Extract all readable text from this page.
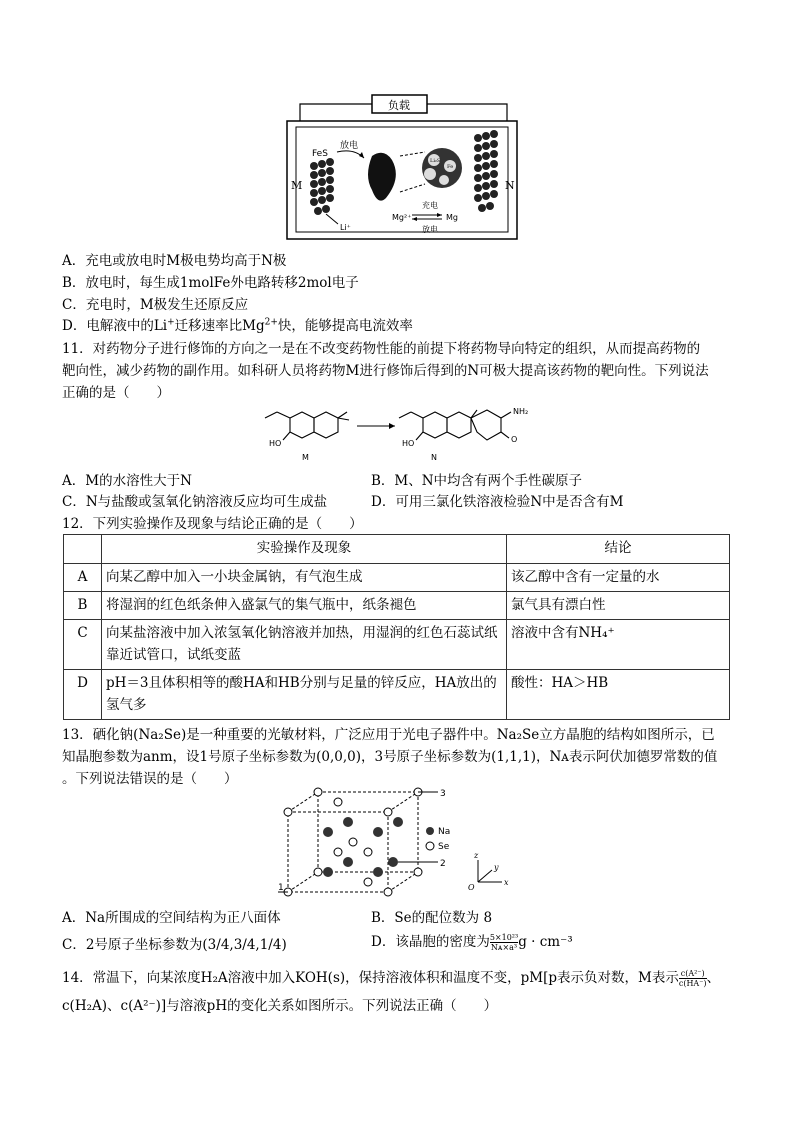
负载
M	N
FeS
放电
Li₂S
Fe
充电
Mg²⁺	Mg
放电
Li⁺
A．充电或放电时M极电势均高于N极
B．放电时，每生成1molFe外电路转移2mol电子
C．充电时，M极发生还原反应
D．电解液中的Li+迁移速率比$Mg^{2+}$快，能够提高电流效率
11．对药物分子进行修饰的方向之一是在不改变药物性能的前提下将药物导向特定的组织，从而提高药物的
靶向性，减少药物的副作用。如科研人员将药物M进行修饰后得到的N可极大提高该药物的靶向性。下列说法
正确的是（　　）
HO	HO
NH₂
O
M	N
A．M的水溶性大于N	B．M、N中均含有两个手性碳原子
C．N与盐酸或氢氧化钠溶液反应均可生成盐	D．可用三氯化铁溶液检验N中是否含有M
12．下列实验操作及现象与结论正确的是（　　）
	实验操作及现象	结论
A	向某乙醇中加入一小块金属钠，有气泡生成	该乙醇中含有一定量的水
B	将湿润的红色纸条伸入盛氯气的集气瓶中，纸条褪色	氯气具有漂白性
C	向某盐溶液中加入浓氢氧化钠溶液并加热，用湿润的红色石蕊试纸靠近试管口，试纸变蓝	溶液中含有NH₄⁺
D	pH＝3且体积相等的酸HA和HB分别与足量的锌反应，HA放出的氢气多	酸性：HA＞HB
13．硒化钠(Na₂Se)是一种重要的光敏材料，广泛应用于光电子器件中。Na₂Se立方晶胞的结构如图所示，已
知晶胞参数为anm，设1号原子坐标参数为(0,0,0)，3号原子坐标参数为(1,1,1)，Nᴀ表示阿伏加德罗常数的值
。下列说法错误的是（　　）
3
2
1
Na
Se
z
y
x
O
A．Na所围成的空间结构为正八面体	B．Se的配位数为 8
C．2号原子坐标参数为(3/4,3/4,1/4)	D．该晶胞的密度为 $\frac{\text{5×10²³}}{\text{Nᴀ×a³}}$ g · cm⁻³
14．常温下，向某浓度H₂A溶液中加入KOH(s)，保持溶液体积和温度不变，pM[p表示负对数，M表示 $\frac{\text{c(A²⁻)}}{c(HA^-)}$ 、
c(H₂A)、c(A²⁻)]与溶液pH的变化关系如图所示。下列说法正确（　　）
